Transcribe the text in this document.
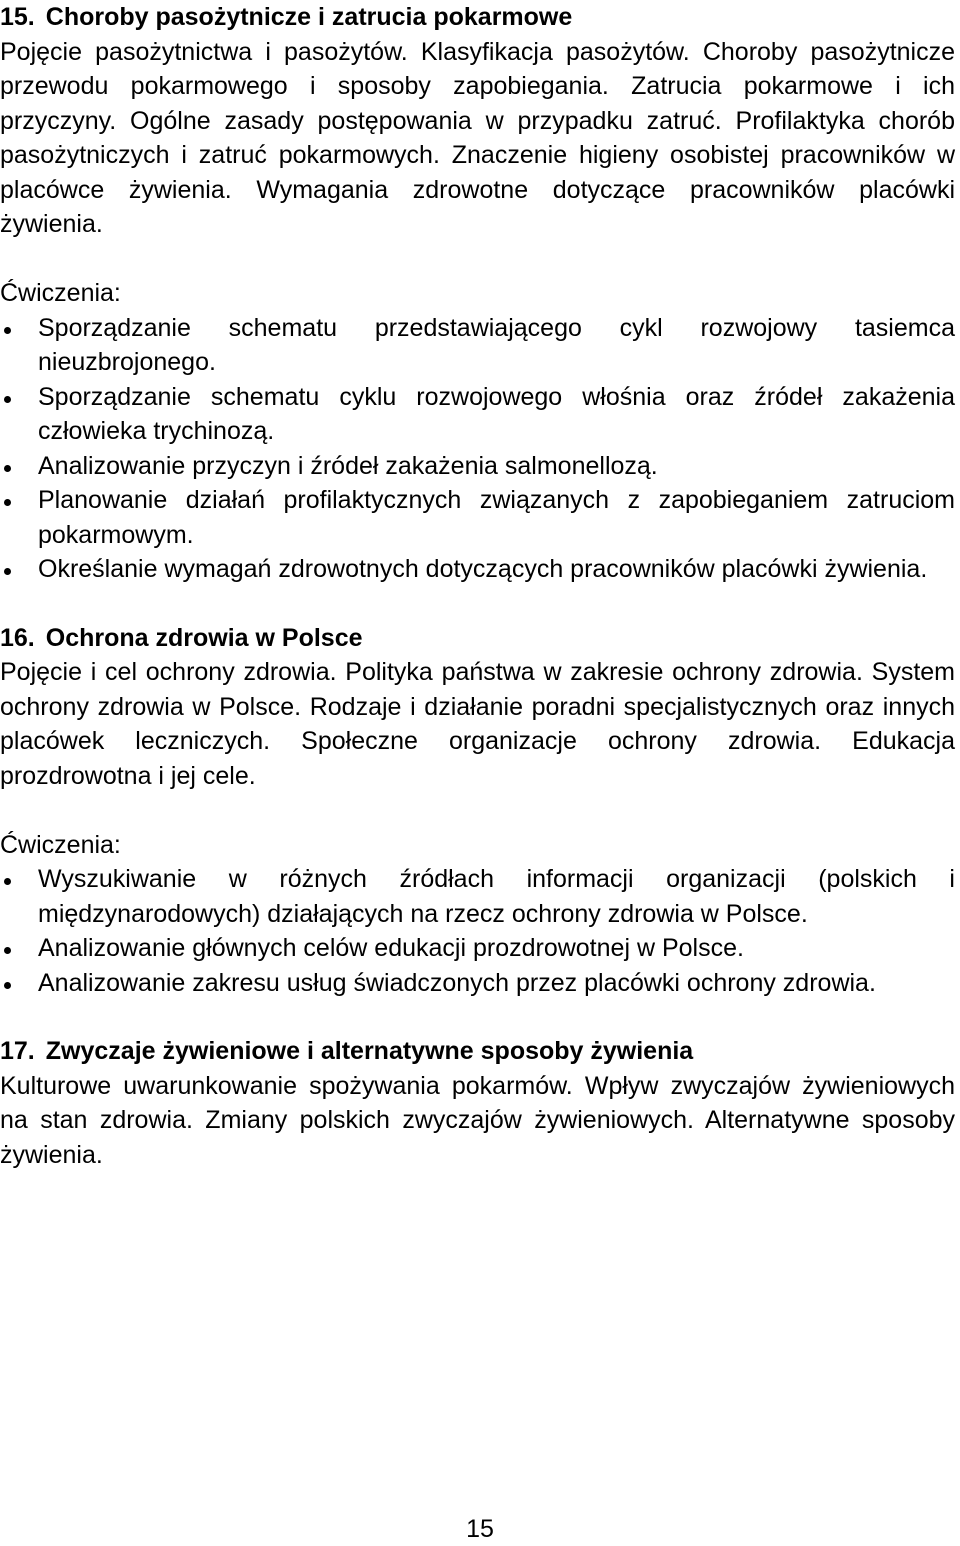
15. Choroby pasożytnicze i zatrucia pokarmowe

Pojęcie pasożytnictwa i pasożytów. Klasyfikacja pasożytów. Choroby pasożytnicze przewodu pokarmowego i sposoby zapobiegania. Zatrucia pokarmowe i ich przyczyny. Ogólne zasady postępowania w przypadku zatruć. Profilaktyka chorób pasożytniczych i zatruć pokarmowych. Znaczenie higieny osobistej pracowników w placówce żywienia. Wymagania zdrowotne dotyczące pracowników placówki żywienia.

Ćwiczenia:

Sporządzanie schematu przedstawiającego cykl rozwojowy tasiemca nieuzbrojonego.
Sporządzanie schematu cyklu rozwojowego włośnia oraz źródeł zakażenia człowieka trychinozą.
Analizowanie przyczyn i źródeł zakażenia salmonellozą.
Planowanie działań profilaktycznych związanych z zapobieganiem zatruciom pokarmowym.
Określanie wymagań zdrowotnych dotyczących pracowników placówki żywienia.
16. Ochrona zdrowia w Polsce

Pojęcie i cel ochrony zdrowia. Polityka państwa w zakresie ochrony zdrowia. System ochrony zdrowia w Polsce. Rodzaje i działanie poradni specjalistycznych oraz innych placówek leczniczych. Społeczne organizacje ochrony zdrowia. Edukacja prozdrowotna i jej cele.

Ćwiczenia:

Wyszukiwanie w różnych źródłach informacji organizacji (polskich i międzynarodowych) działających na rzecz ochrony zdrowia w Polsce.
Analizowanie głównych celów edukacji prozdrowotnej w Polsce.
Analizowanie zakresu usług świadczonych przez placówki ochrony zdrowia.
17. Zwyczaje żywieniowe i alternatywne sposoby żywienia

Kulturowe uwarunkowanie spożywania pokarmów. Wpływ zwyczajów żywieniowych na stan zdrowia. Zmiany polskich zwyczajów żywieniowych. Alternatywne sposoby żywienia.

15
